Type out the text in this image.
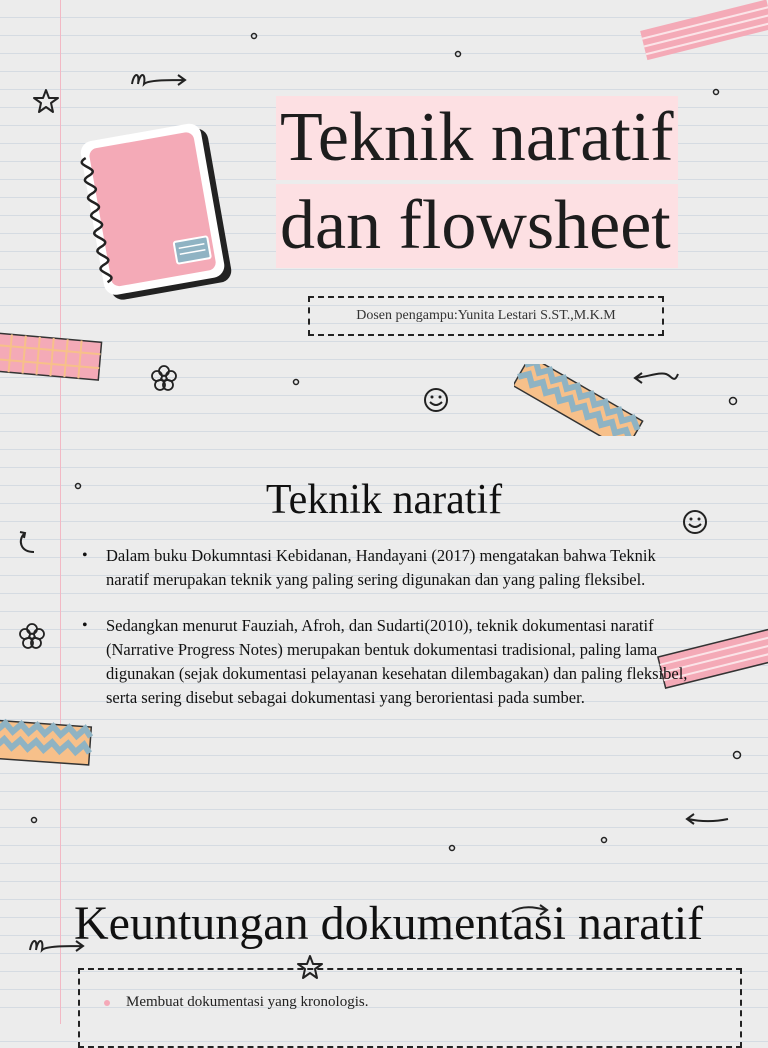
Teknik naratif
dan flowsheet
Dosen pengampu:Yunita Lestari S.ST.,M.K.M
Teknik naratif
• Dalam buku Dokumntasi Kebidanan, Handayani (2017) mengatakan bahwa Teknik naratif merupakan teknik yang paling sering digunakan dan yang paling fleksibel.
• Sedangkan menurut Fauziah, Afroh, dan Sudarti(2010), teknik dokumentasi naratif (Narrative Progress Notes) merupakan bentuk dokumentasi tradisional, paling lama digunakan (sejak dokumentasi pelayanan kesehatan dilembagakan) dan paling fleksibel, serta sering disebut sebagai dokumentasi yang berorientasi pada sumber.
Keuntungan dokumentasi naratif
Membuat dokumentasi yang kronologis.
